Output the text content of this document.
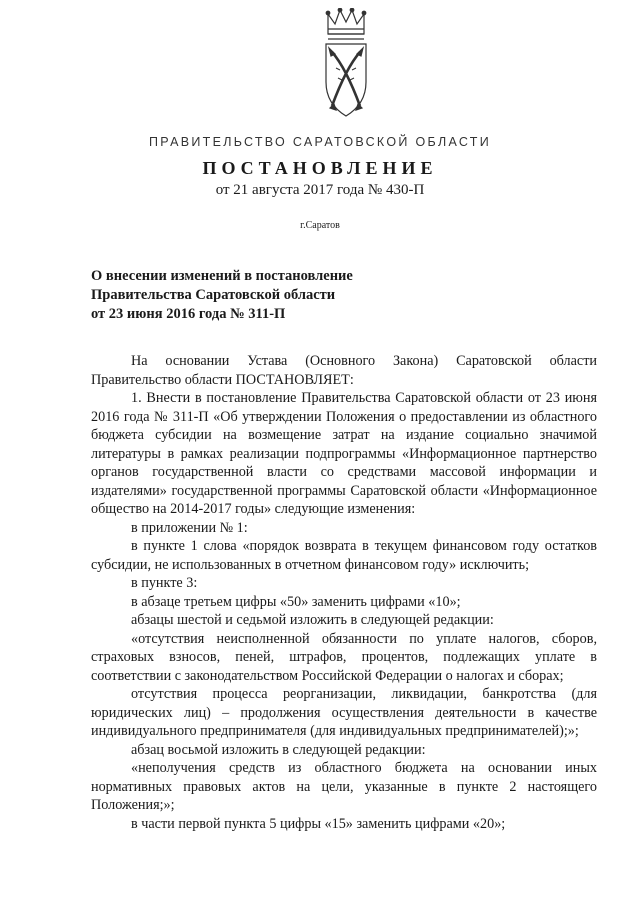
ПРАВИТЕЛЬСТВО САРАТОВСКОЙ ОБЛАСТИ
ПОСТАНОВЛЕНИЕ
от 21 августа 2017 года № 430-П
г.Саратов
О внесении изменений в постановление
Правительства Саратовской области
от 23 июня 2016 года № 311-П

На основании Устава (Основного Закона) Саратовской области Правительство области ПОСТАНОВЛЯЕТ:

1. Внести в постановление Правительства Саратовской области от 23 июня 2016 года № 311-П «Об утверждении Положения о предоставлении из областного бюджета субсидии на возмещение затрат на издание социально значимой литературы в рамках реализации подпрограммы «Информационное партнерство органов государственной власти со средствами массовой информации и издателями» государственной программы Саратовской области «Информационное общество на 2014-2017 годы» следующие изменения:

в приложении № 1:

в пункте 1 слова «порядок возврата в текущем финансовом году остатков субсидии, не использованных в отчетном финансовом году» исключить;

в пункте 3:

в абзаце третьем цифры «50» заменить цифрами «10»;

абзацы шестой и седьмой изложить в следующей редакции:

«отсутствия неисполненной обязанности по уплате налогов, сборов, страховых взносов, пеней, штрафов, процентов, подлежащих уплате в соответствии с законодательством Российской Федерации о налогах и сборах;

отсутствия процесса реорганизации, ликвидации, банкротства (для юридических лиц) – продолжения осуществления деятельности в качестве индивидуального предпринимателя (для индивидуальных предпринимателей);»;

абзац восьмой изложить в следующей редакции:

«неполучения средств из областного бюджета на основании иных нормативных правовых актов на цели, указанные в пункте 2 настоящего Положения;»;

в части первой пункта 5 цифры «15» заменить цифрами «20»;
